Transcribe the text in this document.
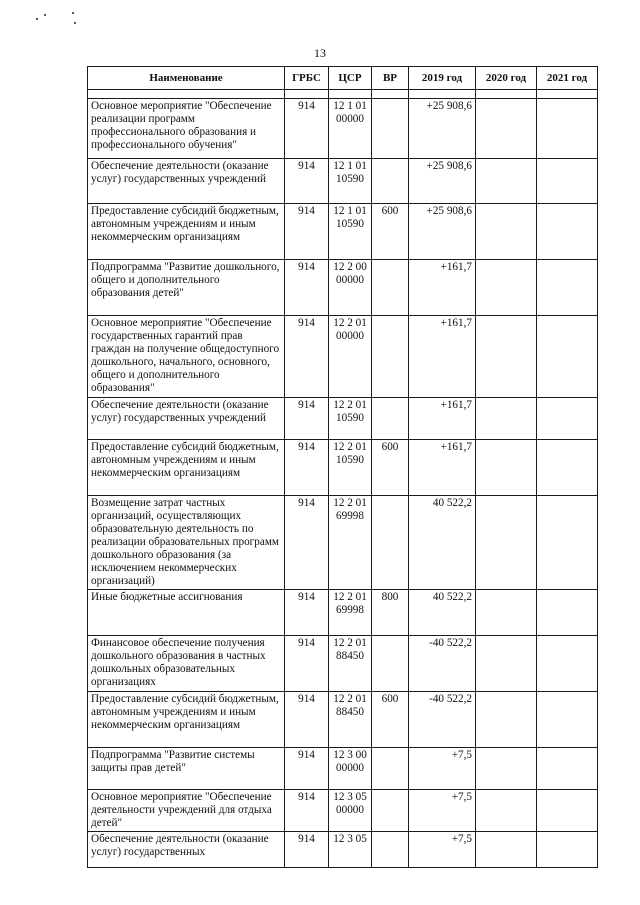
13
Наименование	ГРБС	ЦСР	ВР	2019 год	2020 год	2021 год

Основное мероприятие "Обеспечение реализации программ профессионального образования и профессионального обучения"	914	12 1 01 00000		+25 908,6		
Обеспечение деятельности (оказание услуг) государственных учреждений	914	12 1 01 10590		+25 908,6		
Предоставление субсидий бюджетным, автономным учреждениям и иным некоммерческим организациям	914	12 1 01 10590	600	+25 908,6		
Подпрограмма "Развитие дошкольного, общего и дополнительного образования детей"	914	12 2 00 00000		+161,7		
Основное мероприятие "Обеспечение государственных гарантий прав граждан на получение общедоступного дошкольного, начального, основного, общего и дополнительного образования"	914	12 2 01 00000		+161,7		
Обеспечение деятельности (оказание услуг) государственных учреждений	914	12 2 01 10590		+161,7		
Предоставление субсидий бюджетным, автономным учреждениям и иным некоммерческим организациям	914	12 2 01 10590	600	+161,7		
Возмещение затрат частных организаций, осуществляющих образовательную деятельность по реализации образовательных программ дошкольного образования (за исключением некоммерческих организаций)	914	12 2 01 69998		40 522,2		
Иные бюджетные ассигнования	914	12 2 01 69998	800	40 522,2		
Финансовое обеспечение получения дошкольного образования в частных дошкольных образовательных организациях	914	12 2 01 88450		-40 522,2		
Предоставление субсидий бюджетным, автономным учреждениям и иным некоммерческим организациям	914	12 2 01 88450	600	-40 522,2		
Подпрограмма "Развитие системы защиты прав детей"	914	12 3 00 00000		+7,5		
Основное мероприятие "Обеспечение деятельности учреждений для отдыха детей"	914	12 3 05 00000		+7,5		
Обеспечение деятельности (оказание услуг) государственных	914	12 3 05		+7,5		
